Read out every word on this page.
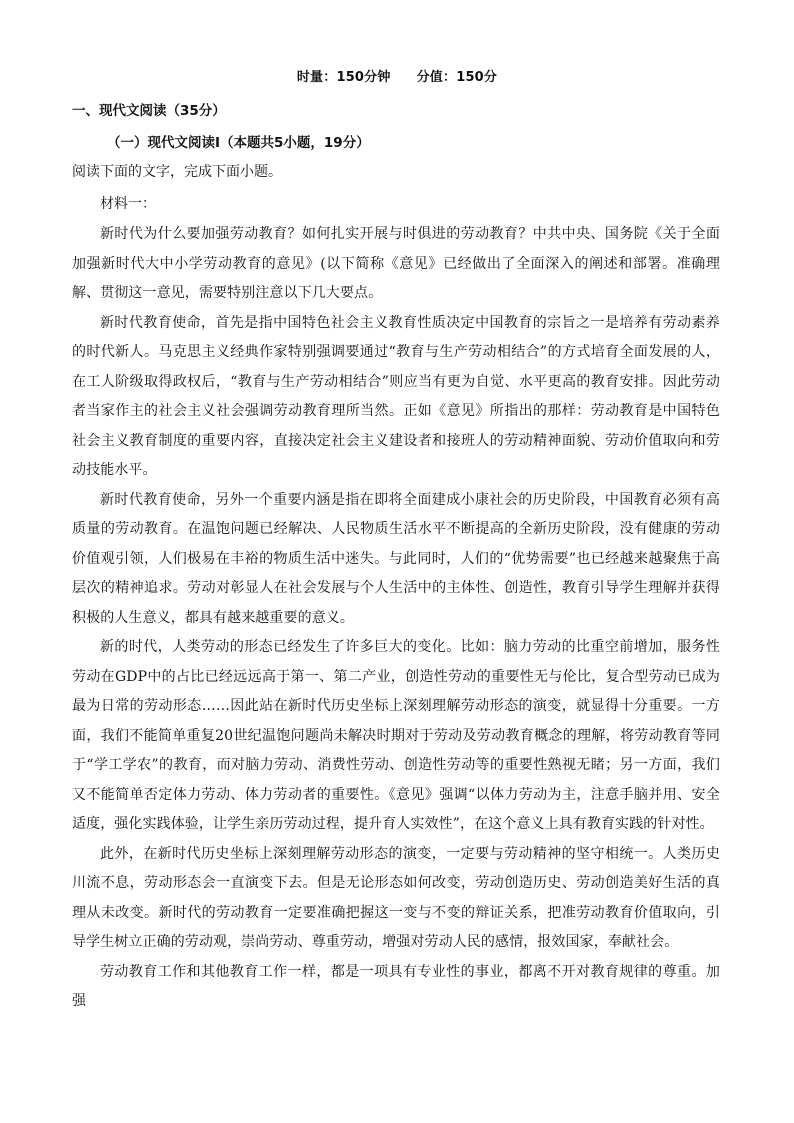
时量：150分钟 分值：150分
一、现代文阅读（35分）
（一）现代文阅读Ⅰ（本题共5小题，19分）
阅读下面的文字，完成下面小题。
材料一：

新时代为什么要加强劳动教育？如何扎实开展与时俱进的劳动教育？中共中央、国务院《关于全面加强新时代大中小学劳动教育的意见》(以下简称《意见》已经做出了全面深入的阐述和部署。准确理解、贯彻这一意见，需要特别注意以下几大要点。

新时代教育使命，首先是指中国特色社会主义教育性质决定中国教育的宗旨之一是培养有劳动素养的时代新人。马克思主义经典作家特别强调要通过“教育与生产劳动相结合”的方式培育全面发展的人，在工人阶级取得政权后，“教育与生产劳动相结合”则应当有更为自觉、水平更高的教育安排。因此劳动者当家作主的社会主义社会强调劳动教育理所当然。正如《意见》所指出的那样：劳动教育是中国特色社会主义教育制度的重要内容，直接决定社会主义建设者和接班人的劳动精神面貌、劳动价值取向和劳动技能水平。

新时代教育使命，另外一个重要内涵是指在即将全面建成小康社会的历史阶段，中国教育必须有高质量的劳动教育。在温饱问题已经解决、人民物质生活水平不断提高的全新历史阶段，没有健康的劳动价值观引领，人们极易在丰裕的物质生活中迷失。与此同时，人们的“优势需要”也已经越来越聚焦于高层次的精神追求。劳动对彰显人在社会发展与个人生活中的主体性、创造性，教育引导学生理解并获得积极的人生意义，都具有越来越重要的意义。

新的时代，人类劳动的形态已经发生了许多巨大的变化。比如：脑力劳动的比重空前增加，服务性劳动在GDP中的占比已经远远高于第一、第二产业，创造性劳动的重要性无与伦比，复合型劳动已成为最为日常的劳动形态……因此站在新时代历史坐标上深刻理解劳动形态的演变，就显得十分重要。一方面，我们不能简单重复20世纪温饱问题尚未解决时期对于劳动及劳动教育概念的理解，将劳动教育等同于“学工学农”的教育，而对脑力劳动、消费性劳动、创造性劳动等的重要性熟视无睹；另一方面，我们又不能简单否定体力劳动、体力劳动者的重要性。《意见》强调“以体力劳动为主，注意手脑并用、安全适度，强化实践体验，让学生亲历劳动过程，提升育人实效性”，在这个意义上具有教育实践的针对性。

此外，在新时代历史坐标上深刻理解劳动形态的演变，一定要与劳动精神的坚守相统一。人类历史川流不息，劳动形态会一直演变下去。但是无论形态如何改变，劳动创造历史、劳动创造美好生活的真理从未改变。新时代的劳动教育一定要准确把握这一变与不变的辩证关系，把准劳动教育价值取向，引导学生树立正确的劳动观，崇尚劳动、尊重劳动，增强对劳动人民的感情，报效国家，奉献社会。

劳动教育工作和其他教育工作一样，都是一项具有专业性的事业，都离不开对教育规律的尊重。加强
